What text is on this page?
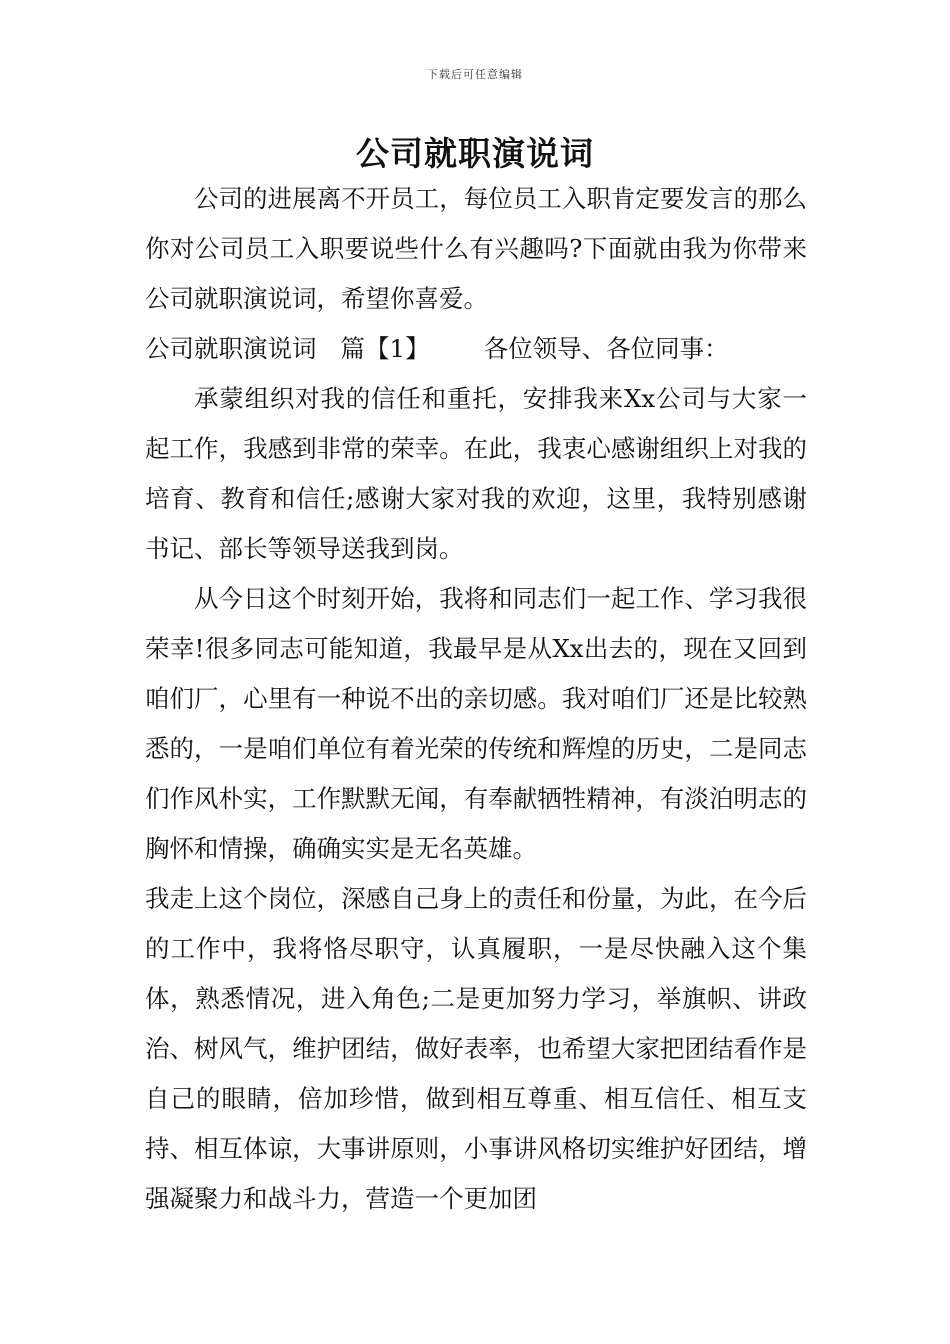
下载后可任意编辑
公司就职演说词

公司的进展离不开员工，每位员工入职肯定要发言的那么你对公司员工入职要说些什么有兴趣吗?下面就由我为你带来公司就职演说词，希望你喜爱。

公司就职演说词 篇【1】 各位领导、各位同事：

承蒙组织对我的信任和重托，安排我来Xx公司与大家一起工作，我感到非常的荣幸。在此，我衷心感谢组织上对我的培育、教育和信任;感谢大家对我的欢迎，这里，我特别感谢书记、部长等领导送我到岗。

从今日这个时刻开始，我将和同志们一起工作、学习我很荣幸!很多同志可能知道，我最早是从Xx出去的，现在又回到咱们厂，心里有一种说不出的亲切感。我对咱们厂还是比较熟悉的，一是咱们单位有着光荣的传统和辉煌的历史，二是同志们作风朴实，工作默默无闻，有奉献牺牲精神，有淡泊明志的胸怀和情操，确确实实是无名英雄。

我走上这个岗位，深感自己身上的责任和份量，为此，在今后的工作中，我将恪尽职守，认真履职，一是尽快融入这个集体，熟悉情况，进入角色;二是更加努力学习，举旗帜、讲政治、树风气，维护团结，做好表率，也希望大家把团结看作是自己的眼睛，倍加珍惜，做到相互尊重、相互信任、相互支持、相互体谅，大事讲原则，小事讲风格切实维护好团结，增强凝聚力和战斗力，营造一个更加团
